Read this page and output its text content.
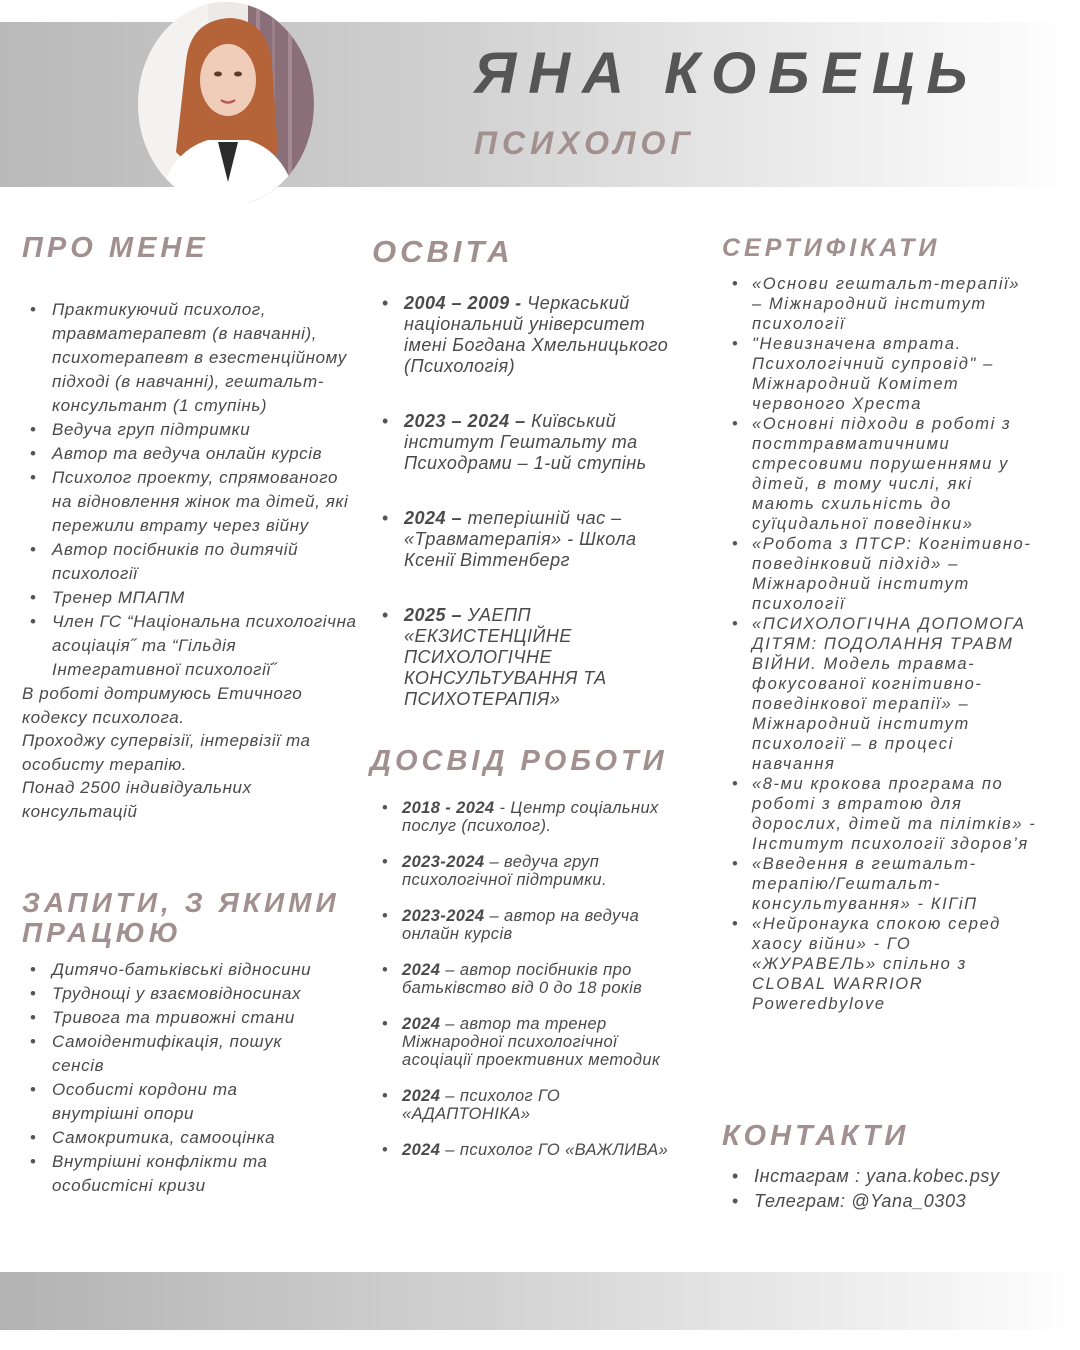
ЯНА КОБЕЦЬ
ПСИХОЛОГ
ПРО МЕНЕ
• Практикуючий психолог, травматерапевт (в навчанні), психотерапевт в езестенційному підході (в навчанні), гештальт-консультант (1 ступінь)
• Ведуча груп підтримки
• Автор та ведуча онлайн курсів
• Психолог проекту, спрямованого на відновлення жінок та дітей, які пережили втрату через війну
• Автор посібників по дитячій психології
• Тренер МПАПМ
• Член ГС “Національна психологічна асоціація˝ та “Гільдія Інтегративної психології˝

В роботі дотримуюсь Етичного кодексу психолога.

Проходжу супервізії, інтервізії та особисту терапію.

Понад 2500 індивідуальних консультацій

ЗАПИТИ, З ЯКИМИ ПРАЦЮЮ
• Дитячо-батьківські відносини
• Труднощі у взаємовідносинах
• Тривога та тривожні стани
• Самоідентифікація, пошук сенсів
• Особисті кордони та внутрішні опори
• Самокритика, самооцінка
• Внутрішні конфлікти та особистісні кризи
ОСВІТА
• 2004 – 2009 - Черкаський національний університет імені Богдана Хмельницького (Психологія)
• 2023 – 2024 – Київський інститут Гештальту та Психодрами – 1-ий ступінь
• 2024 – теперішній час – «Травматерапія» - Школа Ксенії Віттенберг
• 2025 – УАЕПП «ЕКЗИСТЕНЦІЙНЕ ПСИХОЛОГІЧНЕ КОНСУЛЬТУВАННЯ ТА ПСИХОТЕРАПІЯ»
ДОСВІД РОБОТИ
• 2018 - 2024 - Центр соціальних послуг (психолог).
• 2023-2024 – ведуча груп психологічної підтримки.
• 2023-2024 – автор на ведуча онлайн курсів
• 2024 – автор посібників про батьківство від 0 до 18 років
• 2024 – автор та тренер Міжнародної психологічної асоціації проективних методик
• 2024 – психолог ГО «АДАПТОНІКА»
• 2024 – психолог ГО «ВАЖЛИВА»
СЕРТИФІКАТИ
• «Основи гештальт-терапії» – Міжнародний інститут психології
• "Невизначена втрата. Психологічний супровід" – Міжнародний Комітет червоного Хреста
• «Основні підходи в роботі з посттравматичними стресовими порушеннями у дітей, в тому числі, які мають схильність до суїцидальної поведінки»
• «Робота з ПТСР: Когнітивно-поведінковий підхід» – Міжнародний інститут психології
• «ПСИХОЛОГІЧНА ДОПОМОГА ДІТЯМ: ПОДОЛАННЯ ТРАВМ ВІЙНИ. Модель травма-фокусованої когнітивно-поведінкової терапії» – Міжнародний інститут психології – в процесі навчання
• «8-ми крокова програма по роботі з втратою для дорослих, дітей та пілітків» - Інститут психології здоров’я
• «Введення в гештальт-терапію/Гештальт-консультування» - КІГіП
• «Нейронаука спокою серед хаосу війни» - ГО «ЖУРАВЕЛЬ» спільно з CLOBAL WARRIOR Poweredbylove
КОНТАКТИ
• Інстаграм : yana.kobec.psy
• Телеграм: @Yana_0303
